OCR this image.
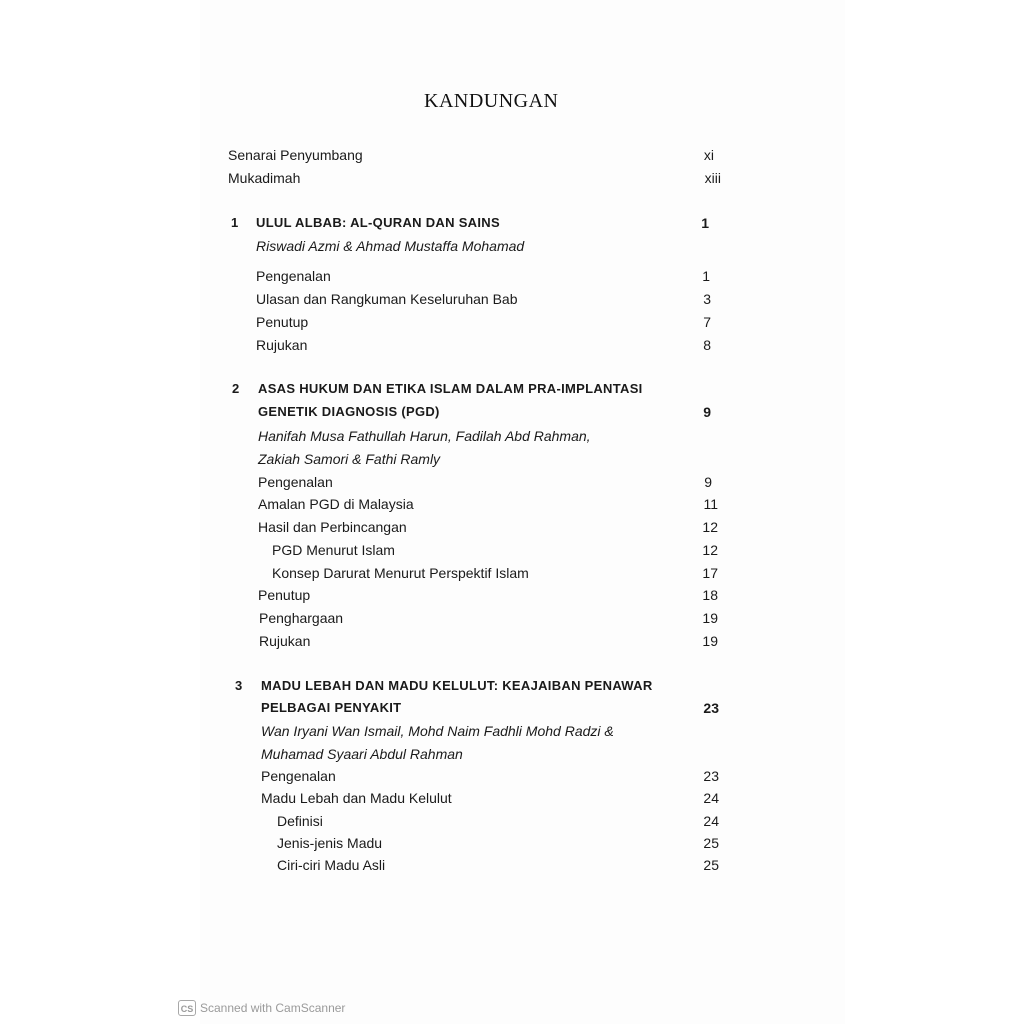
KANDUNGAN
Senarai Penyumbang	xi
Mukadimah	xiii
1 ULUL ALBAB: AL-QURAN DAN SAINS	1
Riswadi Azmi & Ahmad Mustaffa Mohamad
Pengenalan	1
Ulasan dan Rangkuman Keseluruhan Bab	3
Penutup	7
Rujukan	8
2 ASAS HUKUM DAN ETIKA ISLAM DALAM PRA-IMPLANTASI
GENETIK DIAGNOSIS (PGD)	9
Hanifah Musa Fathullah Harun, Fadilah Abd Rahman,
Zakiah Samori & Fathi Ramly
Pengenalan	9
Amalan PGD di Malaysia	11
Hasil dan Perbincangan	12
PGD Menurut Islam	12
Konsep Darurat Menurut Perspektif Islam	17
Penutup	18
Penghargaan	19
Rujukan	19
3 MADU LEBAH DAN MADU KELULUT: KEAJAIBAN PENAWAR
PELBAGAI PENYAKIT	23
Wan Iryani Wan Ismail, Mohd Naim Fadhli Mohd Radzi &
Muhamad Syaari Abdul Rahman
Pengenalan	23
Madu Lebah dan Madu Kelulut	24
Definisi	24
Jenis-jenis Madu	25
Ciri-ciri Madu Asli	25
CS Scanned with CamScanner
